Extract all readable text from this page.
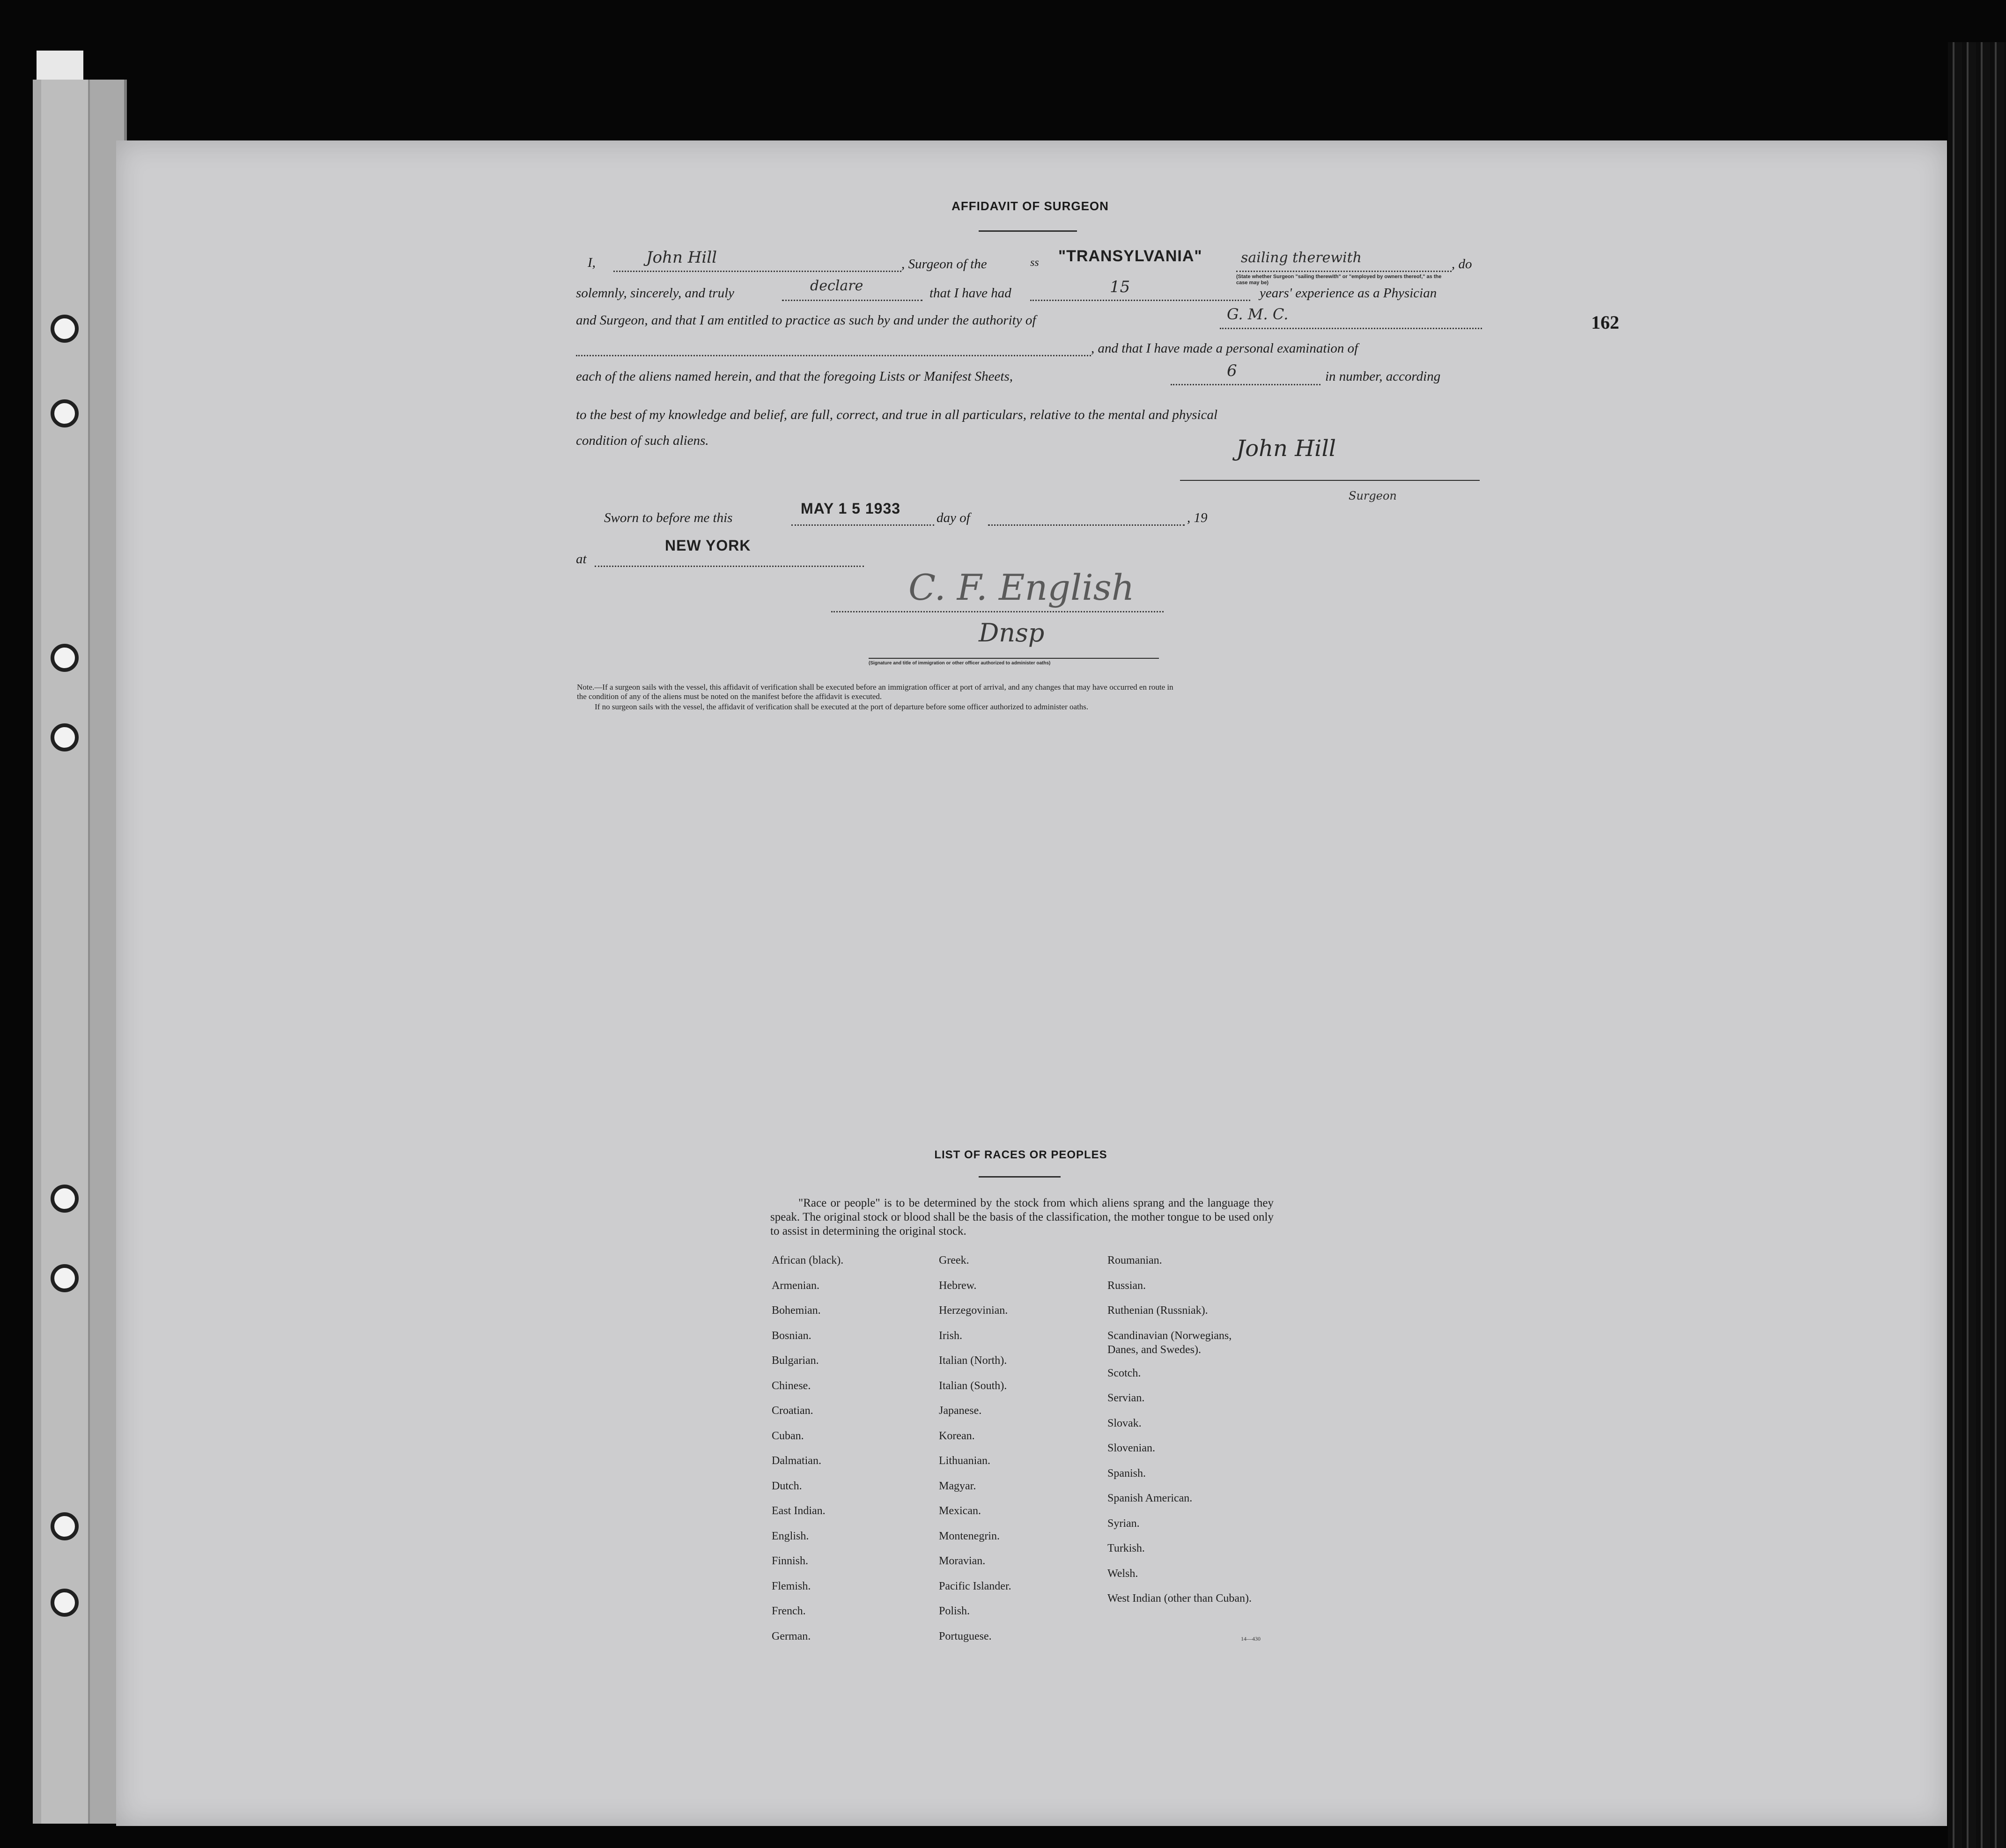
AFFIDAVIT OF SURGEON
I,	John Hill	, Surgeon of the	ss "TRANSYLVANIA"	sailing therewith	, do
(State whether Surgeon "sailing therewith" or "employed by owners thereof," as the case may be)
solemnly, sincerely, and truly	declare	that I have had	15	years' experience as a Physician
and Surgeon, and that I am entitled to practice as such by and under the authority of	G. M. C.
, and that I have made a personal examination of
each of the aliens named herein, and that the foregoing Lists or Manifest Sheets,	6	in number, according
to the best of my knowledge and belief, are full, correct, and true in all particulars, relative to the mental and physical
condition of such aliens.	John Hill
Surgeon
162
Sworn to before me this
MAY 1 5 1933
day of	, 19
at
NEW YORK
C. F. English
Dnsp
(Signature and title of immigration or other officer authorized to administer oaths)
Note.—If a surgeon sails with the vessel, this affidavit of verification shall be executed before an immigration officer at port of arrival, and any changes that may have occurred en route in
the condition of any of the aliens must be noted on the manifest before the affidavit is executed.
If no surgeon sails with the vessel, the affidavit of verification shall be executed at the port of departure before some officer authorized to administer oaths.
LIST OF RACES OR PEOPLES
"Race or people" is to be determined by the stock from which aliens sprang and the language they speak. The original stock or blood shall be the basis of the classification, the mother tongue to be used only to assist in determining the original stock.
African (black).
Armenian.
Bohemian.
Bosnian.
Bulgarian.
Chinese.
Croatian.
Cuban.
Dalmatian.
Dutch.
East Indian.
English.
Finnish.
Flemish.
French.
German.
Greek.
Hebrew.
Herzegovinian.
Irish.
Italian (North).
Italian (South).
Japanese.
Korean.
Lithuanian.
Magyar.
Mexican.
Montenegrin.
Moravian.
Pacific Islander.
Polish.
Portuguese.
Roumanian.
Russian.
Ruthenian (Russniak).
Scandinavian (Norwegians, Danes, and Swedes).
Scotch.
Servian.
Slovak.
Slovenian.
Spanish.
Spanish American.
Syrian.
Turkish.
Welsh.
West Indian (other than Cuban).
14—430
